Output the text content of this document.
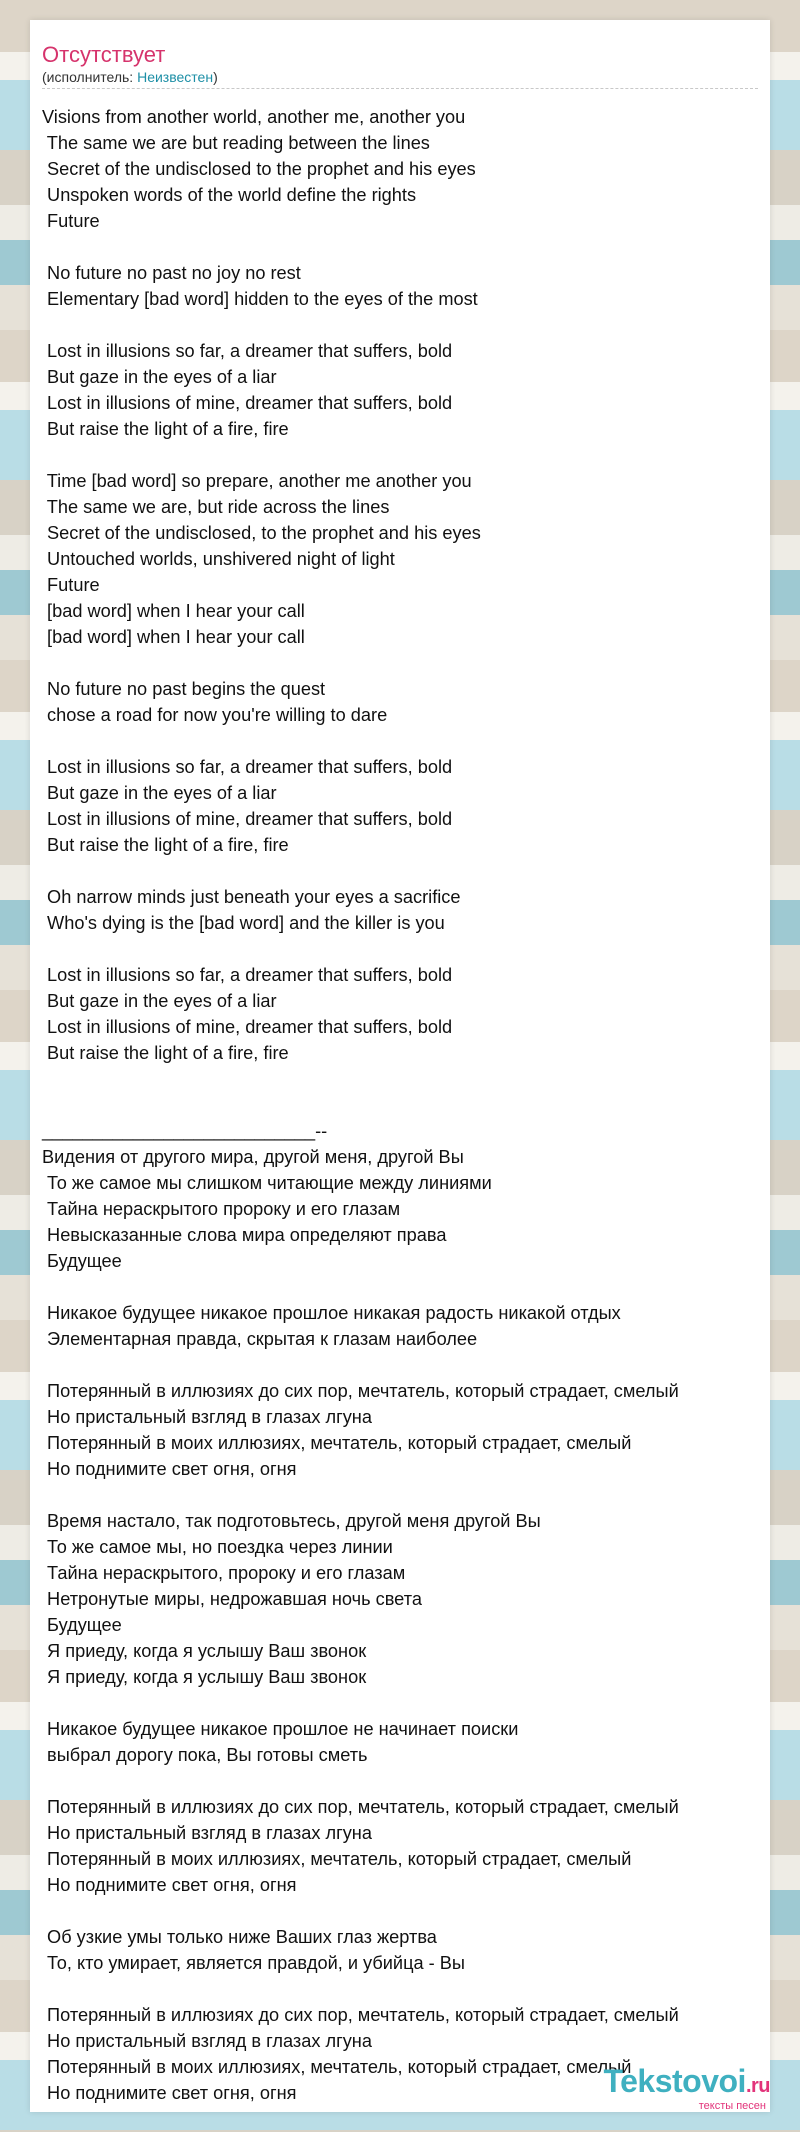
Отсутствует
(исполнитель: Неизвестен)
Visions from another world, another me, another you
The same we are but reading between the lines
Secret of the undisclosed to the prophet and his eyes
Unspoken words of the world define the rights
Future
No future no past no joy no rest
Elementary [bad word] hidden to the eyes of the most
Lost in illusions so far, a dreamer that suffers, bold
But gaze in the eyes of a liar
Lost in illusions of mine, dreamer that suffers, bold
But raise the light of a fire, fire
Time [bad word] so prepare, another me another you
The same we are, but ride across the lines
Secret of the undisclosed, to the prophet and his eyes
Untouched worlds, unshivered night of light
Future
[bad word] when I hear your call
[bad word] when I hear your call
No future no past begins the quest
chose a road for now you're willing to dare
Lost in illusions so far, a dreamer that suffers, bold
But gaze in the eyes of a liar
Lost in illusions of mine, dreamer that suffers, bold
But raise the light of a fire, fire
Oh narrow minds just beneath your eyes a sacrifice
Who's dying is the [bad word] and the killer is you
Lost in illusions so far, a dreamer that suffers, bold
But gaze in the eyes of a liar
Lost in illusions of mine, dreamer that suffers, bold
But raise the light of a fire, fire
___________________________--
Видения от другого мира, другой меня, другой Вы
То же самое мы слишком читающие между линиями
Тайна нераскрытого пророку и его глазам
Невысказанные слова мира определяют права
Будущее
Никакое будущее никакое прошлое никакая радость никакой отдых
Элементарная правда, скрытая к глазам наиболее
Потерянный в иллюзиях до сих пор, мечтатель, который страдает, смелый
Но пристальный взгляд в глазах лгуна
Потерянный в моих иллюзиях, мечтатель, который страдает, смелый
Но поднимите свет огня, огня
Время настало, так подготовьтесь, другой меня другой Вы
То же самое мы, но поездка через линии
Тайна нераскрытого, пророку и его глазам
Нетронутые миры, недрожавшая ночь света
Будущее
Я приеду, когда я услышу Ваш звонок
Я приеду, когда я услышу Ваш звонок
Никакое будущее никакое прошлое не начинает поиски
выбрал дорогу пока, Вы готовы сметь
Потерянный в иллюзиях до сих пор, мечтатель, который страдает, смелый
Но пристальный взгляд в глазах лгуна
Потерянный в моих иллюзиях, мечтатель, который страдает, смелый
Но поднимите свет огня, огня
Об узкие умы только ниже Ваших глаз жертва
То, кто умирает, является правдой, и убийца - Вы
Потерянный в иллюзиях до сих пор, мечтатель, который страдает, смелый
Но пристальный взгляд в глазах лгуна
Потерянный в моих иллюзиях, мечтатель, который страдает, смелый
Но поднимите свет огня, огня	Tekstovoi.ru
тексты песен
